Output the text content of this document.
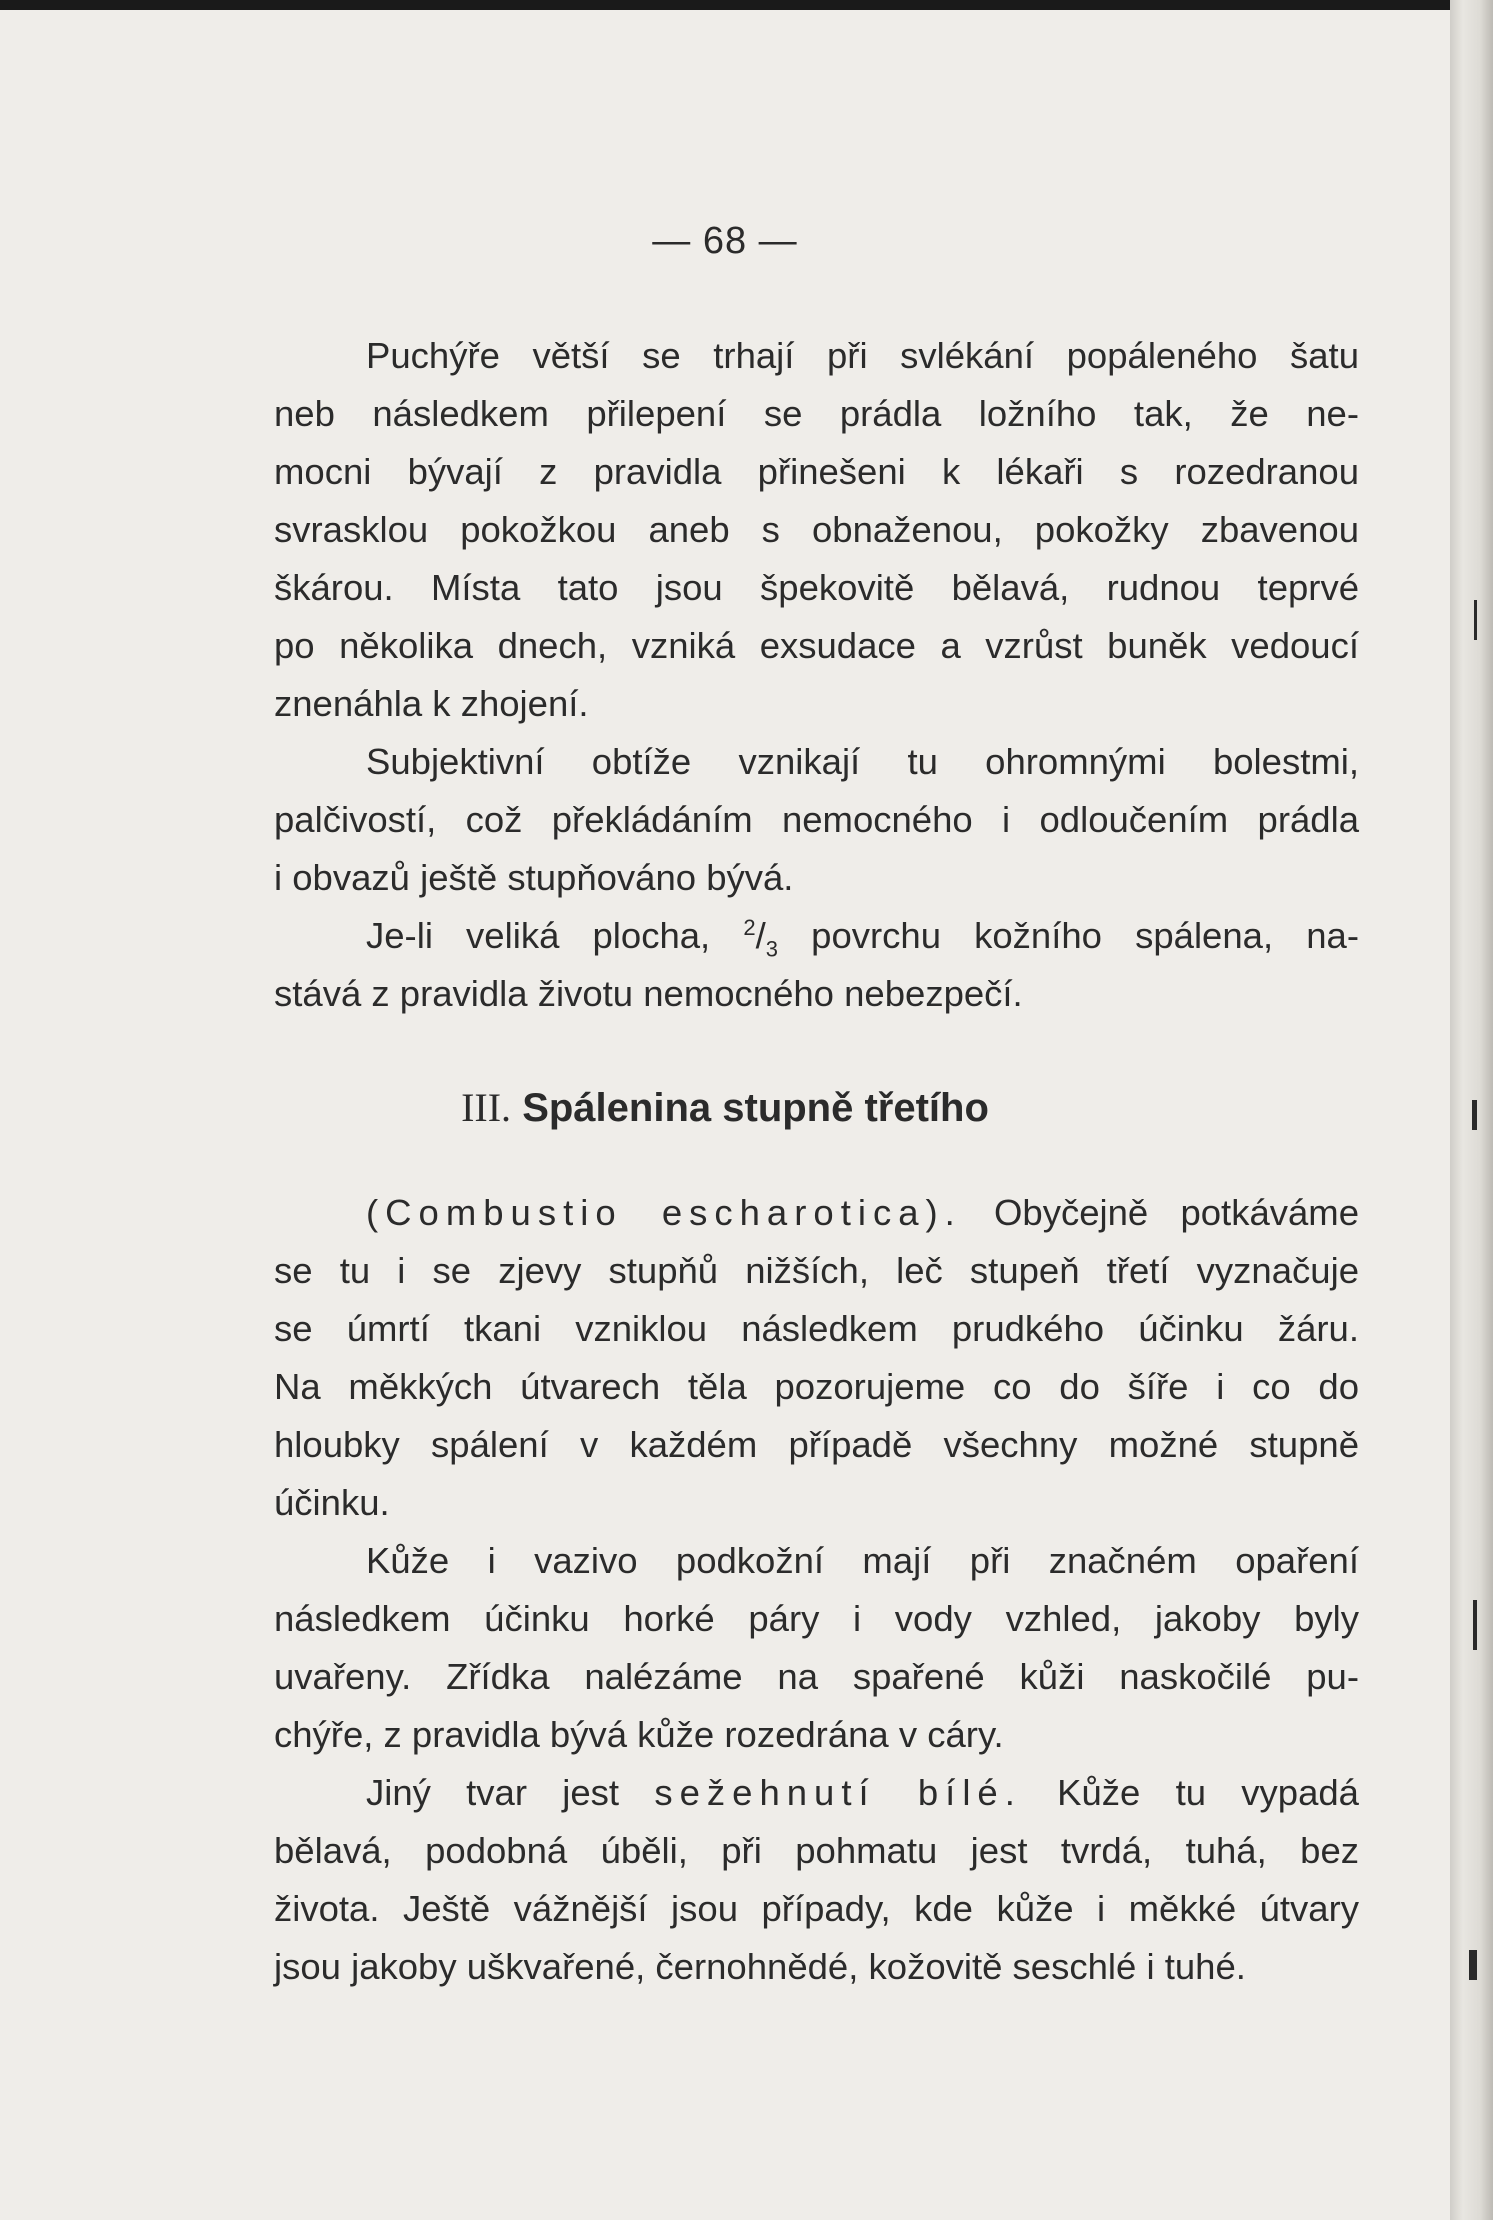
— 68 —
Puchýře větší se trhají při svlékání popáleného šatu
neb následkem přilepení se prádla ložního tak, že ne-
mocni bývají z pravidla přinešeni k lékaři s rozedranou
svrasklou pokožkou aneb s obnaženou, pokožky zbavenou
škárou. Místa tato jsou špekovitě bělavá, rudnou teprvé
po několika dnech, vzniká exsudace a vzrůst buněk vedoucí
znenáhla k zhojení.
Subjektivní obtíže vznikají tu ohromnými bolestmi,
palčivostí, což překládáním nemocného i odloučením prádla
i obvazů ještě stupňováno bývá.
Je-li veliká plocha, $^2/_3$ povrchu kožního spálena, na-
stává z pravidla životu nemocného nebezpečí.
III. Spálenina stupně třetího
(Combustio escharotica). Obyčejně potkáváme
se tu i se zjevy stupňů nižších, leč stupeň třetí vyznačuje
se úmrtí tkani vzniklou následkem prudkého účinku žáru.
Na měkkých útvarech těla pozorujeme co do šíře i co do
hloubky spálení v každém případě všechny možné stupně
účinku.
Kůže i vazivo podkožní mají při značném opaření
následkem účinku horké páry i vody vzhled, jakoby byly
uvařeny. Zřídka nalézáme na spařené kůži naskočilé pu-
chýře, z pravidla bývá kůže rozedrána v cáry.
Jiný tvar jest sežehnutí bílé. Kůže tu vypadá
bělavá, podobná úběli, při pohmatu jest tvrdá, tuhá, bez
života. Ještě vážnější jsou případy, kde kůže i měkké útvary
jsou jakoby uškvařené, černohnědé, kožovitě seschlé i tuhé.
